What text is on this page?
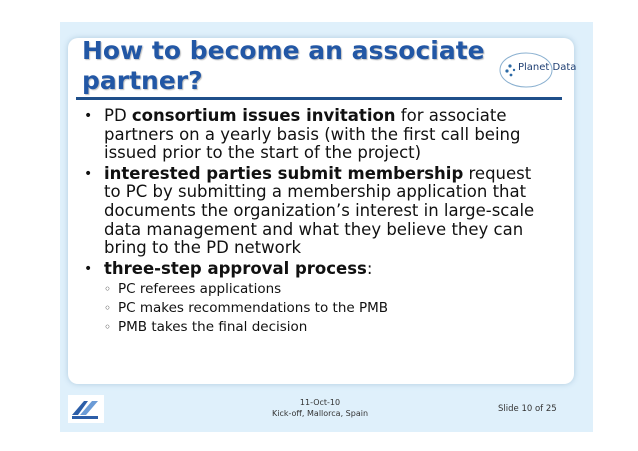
How to become an associate partner?	Planet Data
• PD consortium issues invitation for associate partners on a yearly basis (with the first call being issued prior to the start of the project)
• interested parties submit membership request to PC by submitting a membership application that documents the organization’s interest in large-scale data management and what they believe they can bring to the PD network
• three-step approval process:
◦ PC referees applications
◦ PC makes recommendations to the PMB
◦ PMB takes the final decision
11-Oct-10
Kick-off, Mallorca, Spain	Slide 10 of 25
